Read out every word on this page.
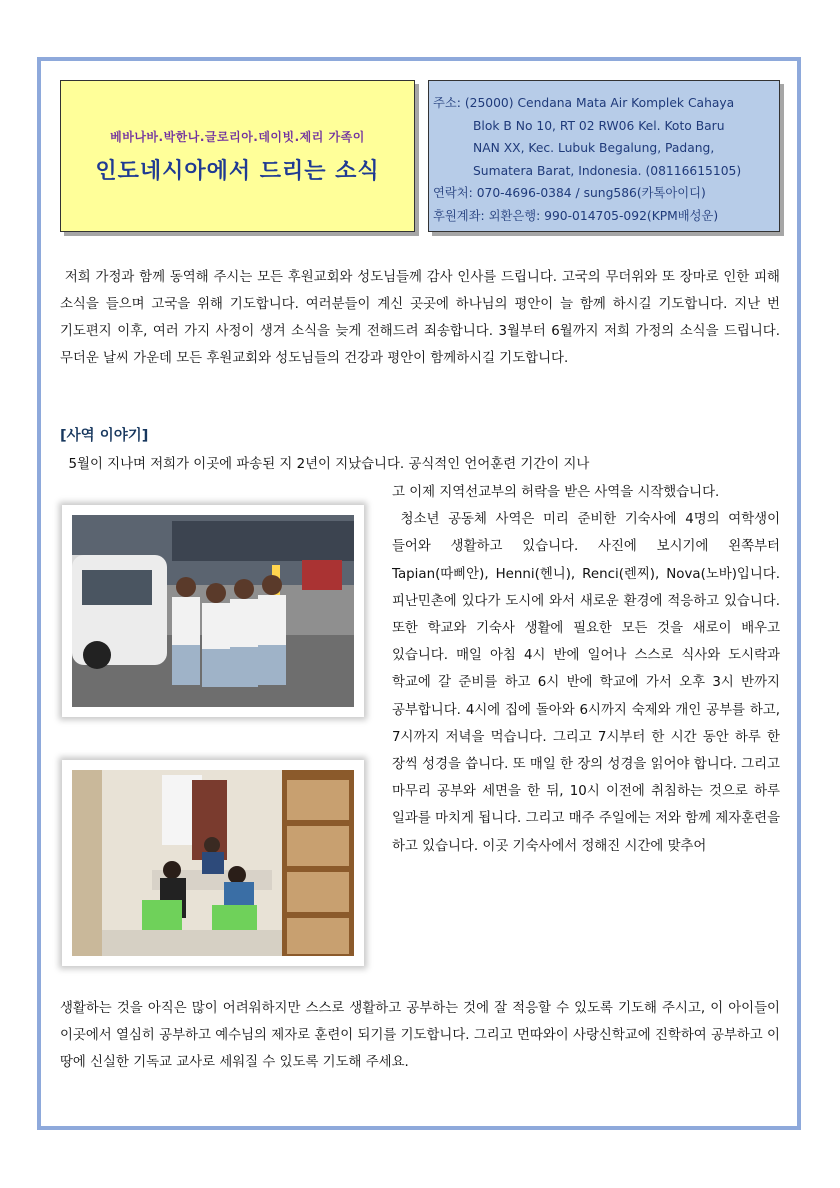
베바나바.박한나.글로리아.데이빗.제리 가족이
인도네시아에서 드리는 소식
주소: (25000) Cendana Mata Air Komplek Cahaya
Blok B No 10, RT 02 RW06 Kel. Koto Baru
NAN XX, Kec. Lubuk Begalung, Padang,
Sumatera Barat, Indonesia. (08116615105)
연락처: 070-4696-0384 / sung586(카톡아이디)
후원계좌: 외환은행: 990-014705-092(KPM배성운)
저희 가정과 함께 동역해 주시는 모든 후원교회와 성도님들께 감사 인사를 드립니다. 고국의 무더위와 또 장마로 인한 피해 소식을 들으며 고국을 위해 기도합니다. 여러분들이 계신 곳곳에 하나님의 평안이 늘 함께 하시길 기도합니다. 지난 번 기도편지 이후, 여러 가지 사정이 생겨 소식을 늦게 전해드려 죄송합니다. 3월부터 6월까지 저희 가정의 소식을 드립니다. 무더운 날씨 가운데 모든 후원교회와 성도님들의 건강과 평안이 함께하시길 기도합니다.
[사역 이야기]
5월이 지나며 저희가 이곳에 파송된 지 2년이 지났습니다. 공식적인 언어훈련 기간이 지나

고 이제 지역선교부의 허락을 받은 사역을 시작했습니다.

청소년 공동체 사역은 미리 준비한 기숙사에 4명의 여학생이 들어와 생활하고 있습니다. 사진에 보시기에 왼쪽부터 Tapian(따삐안), Henni(헨니), Renci(렌찌), Nova(노바)입니다. 피난민촌에 있다가 도시에 와서 새로운 환경에 적응하고 있습니다. 또한 학교와 기숙사 생활에 필요한 모든 것을 새로이 배우고 있습니다. 매일 아침 4시 반에 일어나 스스로 식사와 도시락과 학교에 갈 준비를 하고 6시 반에 학교에 가서 오후 3시 반까지 공부합니다. 4시에 집에 돌아와 6시까지 숙제와 개인 공부를 하고, 7시까지 저녁을 먹습니다. 그리고 7시부터 한 시간 동안 하루 한 장씩 성경을 씁니다. 또 매일 한 장의 성경을 읽어야 합니다. 그리고 마무리 공부와 세면을 한 뒤, 10시 이전에 취침하는 것으로 하루 일과를 마치게 됩니다. 그리고 매주 주일에는 저와 함께 제자훈련을 하고 있습니다. 이곳 기숙사에서 정해진 시간에 맞추어

생활하는 것을 아직은 많이 어려워하지만 스스로 생활하고 공부하는 것에 잘 적응할 수 있도록 기도해 주시고, 이 아이들이 이곳에서 열심히 공부하고 예수님의 제자로 훈련이 되기를 기도합니다. 그리고 먼따와이 사랑신학교에 진학하여 공부하고 이 땅에 신실한 기독교 교사로 세워질 수 있도록 기도해 주세요.
